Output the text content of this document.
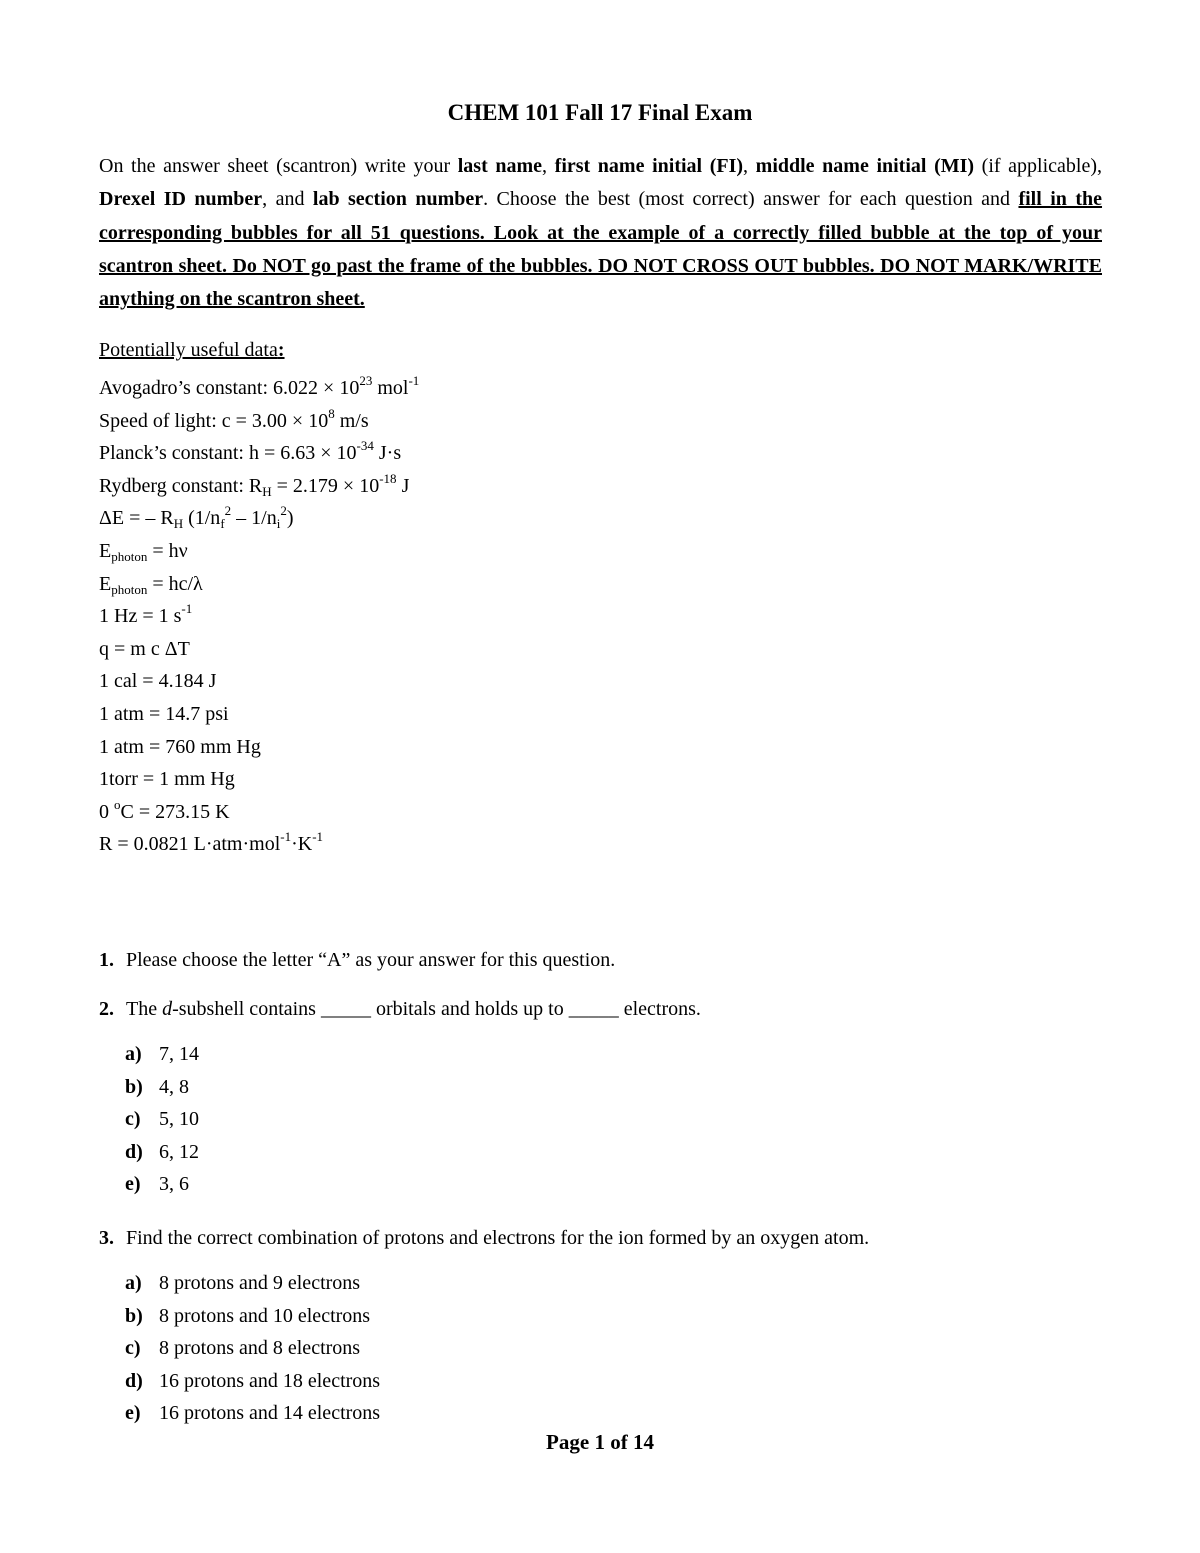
CHEM 101 Fall 17 Final Exam
On the answer sheet (scantron) write your last name, first name initial (FI), middle name initial (MI) (if applicable), Drexel ID number, and lab section number. Choose the best (most correct) answer for each question and fill in the corresponding bubbles for all 51 questions. Look at the example of a correctly filled bubble at the top of your scantron sheet. Do NOT go past the frame of the bubbles. DO NOT CROSS OUT bubbles. DO NOT MARK/WRITE anything on the scantron sheet.
Potentially useful data:
Avogadro’s constant: $6.022 \times 10^{23}$ mol$^{-1}$
Speed of light: $c = 3.00 \times 10^8$ m/s
Planck’s constant: $h = 6.63 \times 10^{-34}$ J·s
Rydberg constant: $R_H = 2.179 \times 10^{-18}$ J
ΔE = – $R_H$ $(1/n_f^2 - 1/n_i^2)$
$E_{photon} = h\nu$
$E_{photon} = hc/\lambda$
1 Hz = 1 $s^{-1}$
q = m c ΔT
1 cal = 4.184 J
1 atm = 14.7 psi
1 atm = 760 mm Hg
1torr = 1 mm Hg
0 $^o$C = 273.15 K
R = 0.0821 $L\cdot atm\cdot mol^{-1}\cdot K^{-1}$
1. Please choose the letter “A” as your answer for this question.
2. The d-subshell contains _____ orbitals and holds up to _____ electrons.
a) 7, 14
b) 4, 8
c) 5, 10
d) 6, 12
e) 3, 6
3. Find the correct combination of protons and electrons for the ion formed by an oxygen atom.
a) 8 protons and 9 electrons
b) 8 protons and 10 electrons
c) 8 protons and 8 electrons
d) 16 protons and 18 electrons
e) 16 protons and 14 electrons
Page 1 of 14
